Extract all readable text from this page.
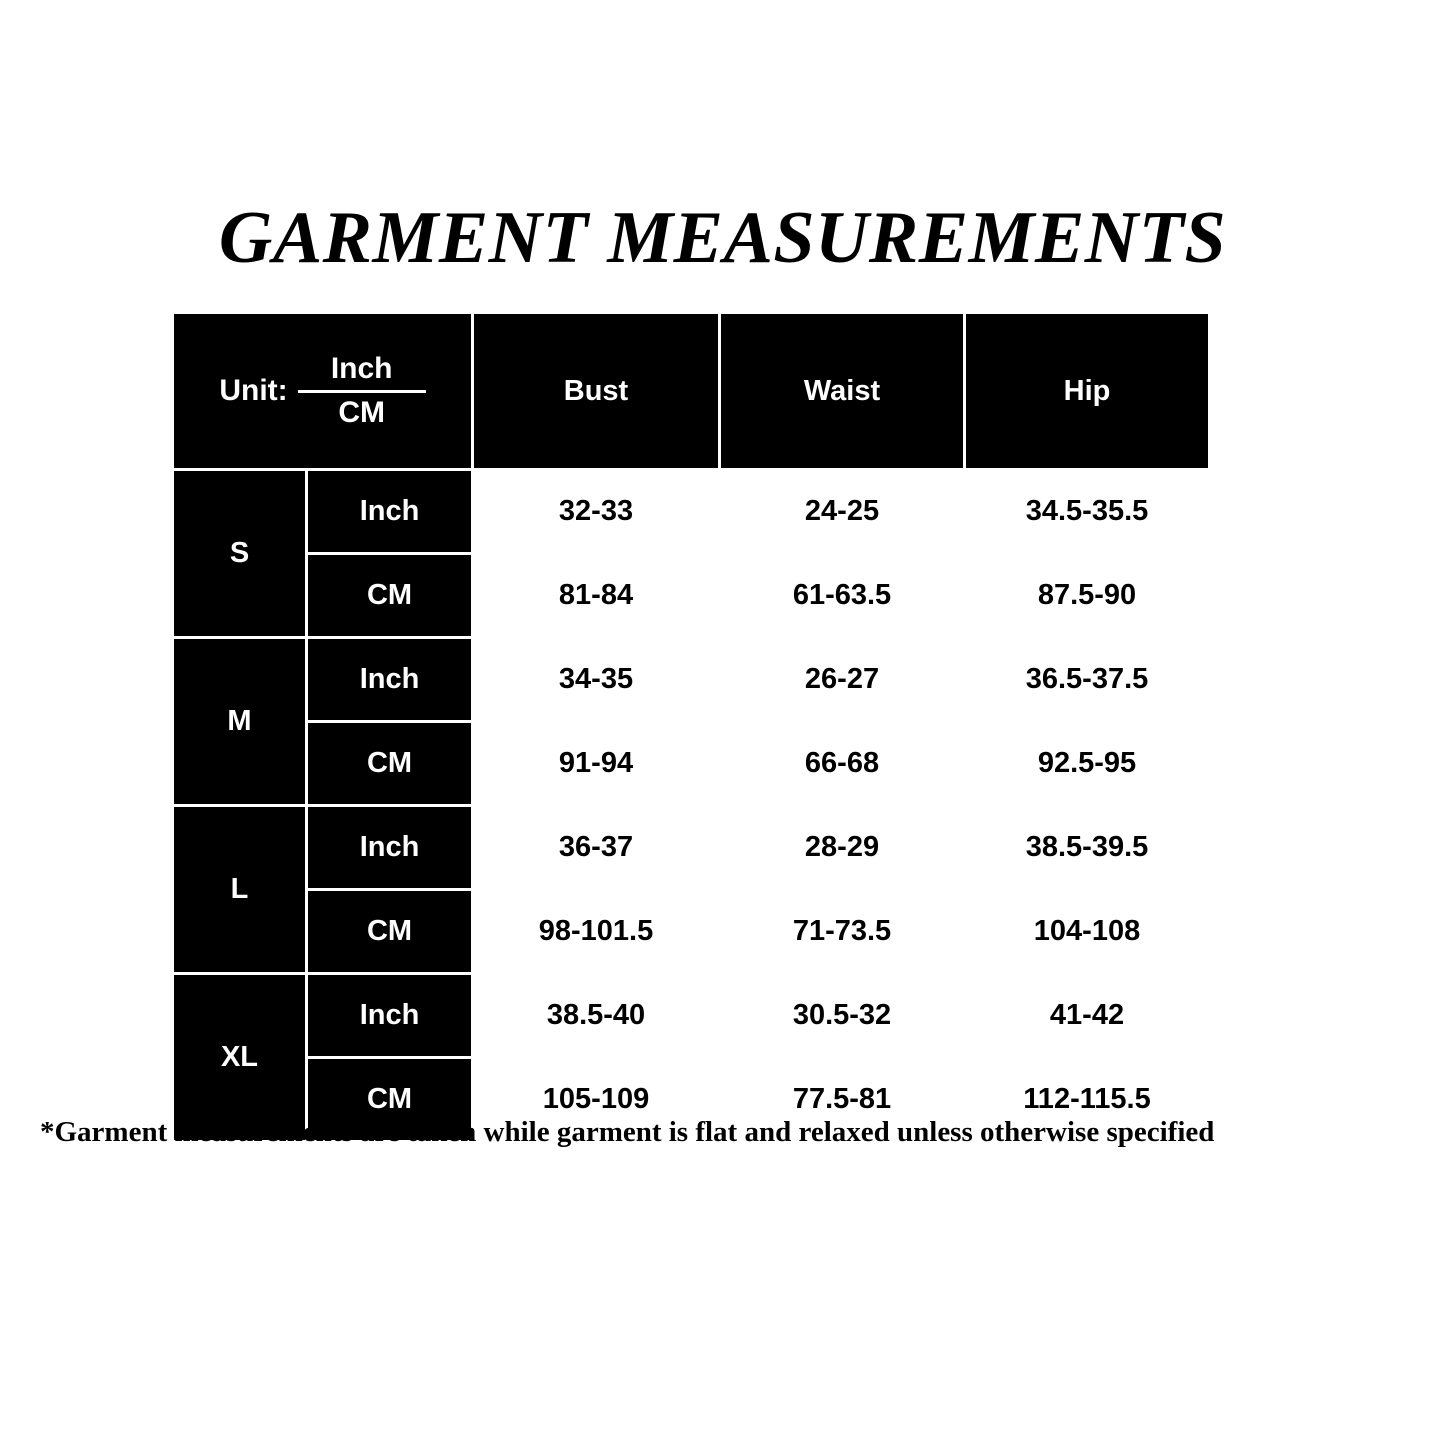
GARMENT MEASUREMENTS
Unit: $\frac{\text{Inch}}{CM}$		Bust	Waist	Hip
S	Inch	32-33	24-25	34.5-35.5
	CM	81-84	61-63.5	87.5-90
M	Inch	34-35	26-27	36.5-37.5
	CM	91-94	66-68	92.5-95
L	Inch	36-37	28-29	38.5-39.5
	CM	98-101.5	71-73.5	104-108
XL	Inch	38.5-40	30.5-32	41-42
	CM	105-109	77.5-81	112-115.5
*Garment measurements are taken while garment is flat and relaxed unless otherwise specified
